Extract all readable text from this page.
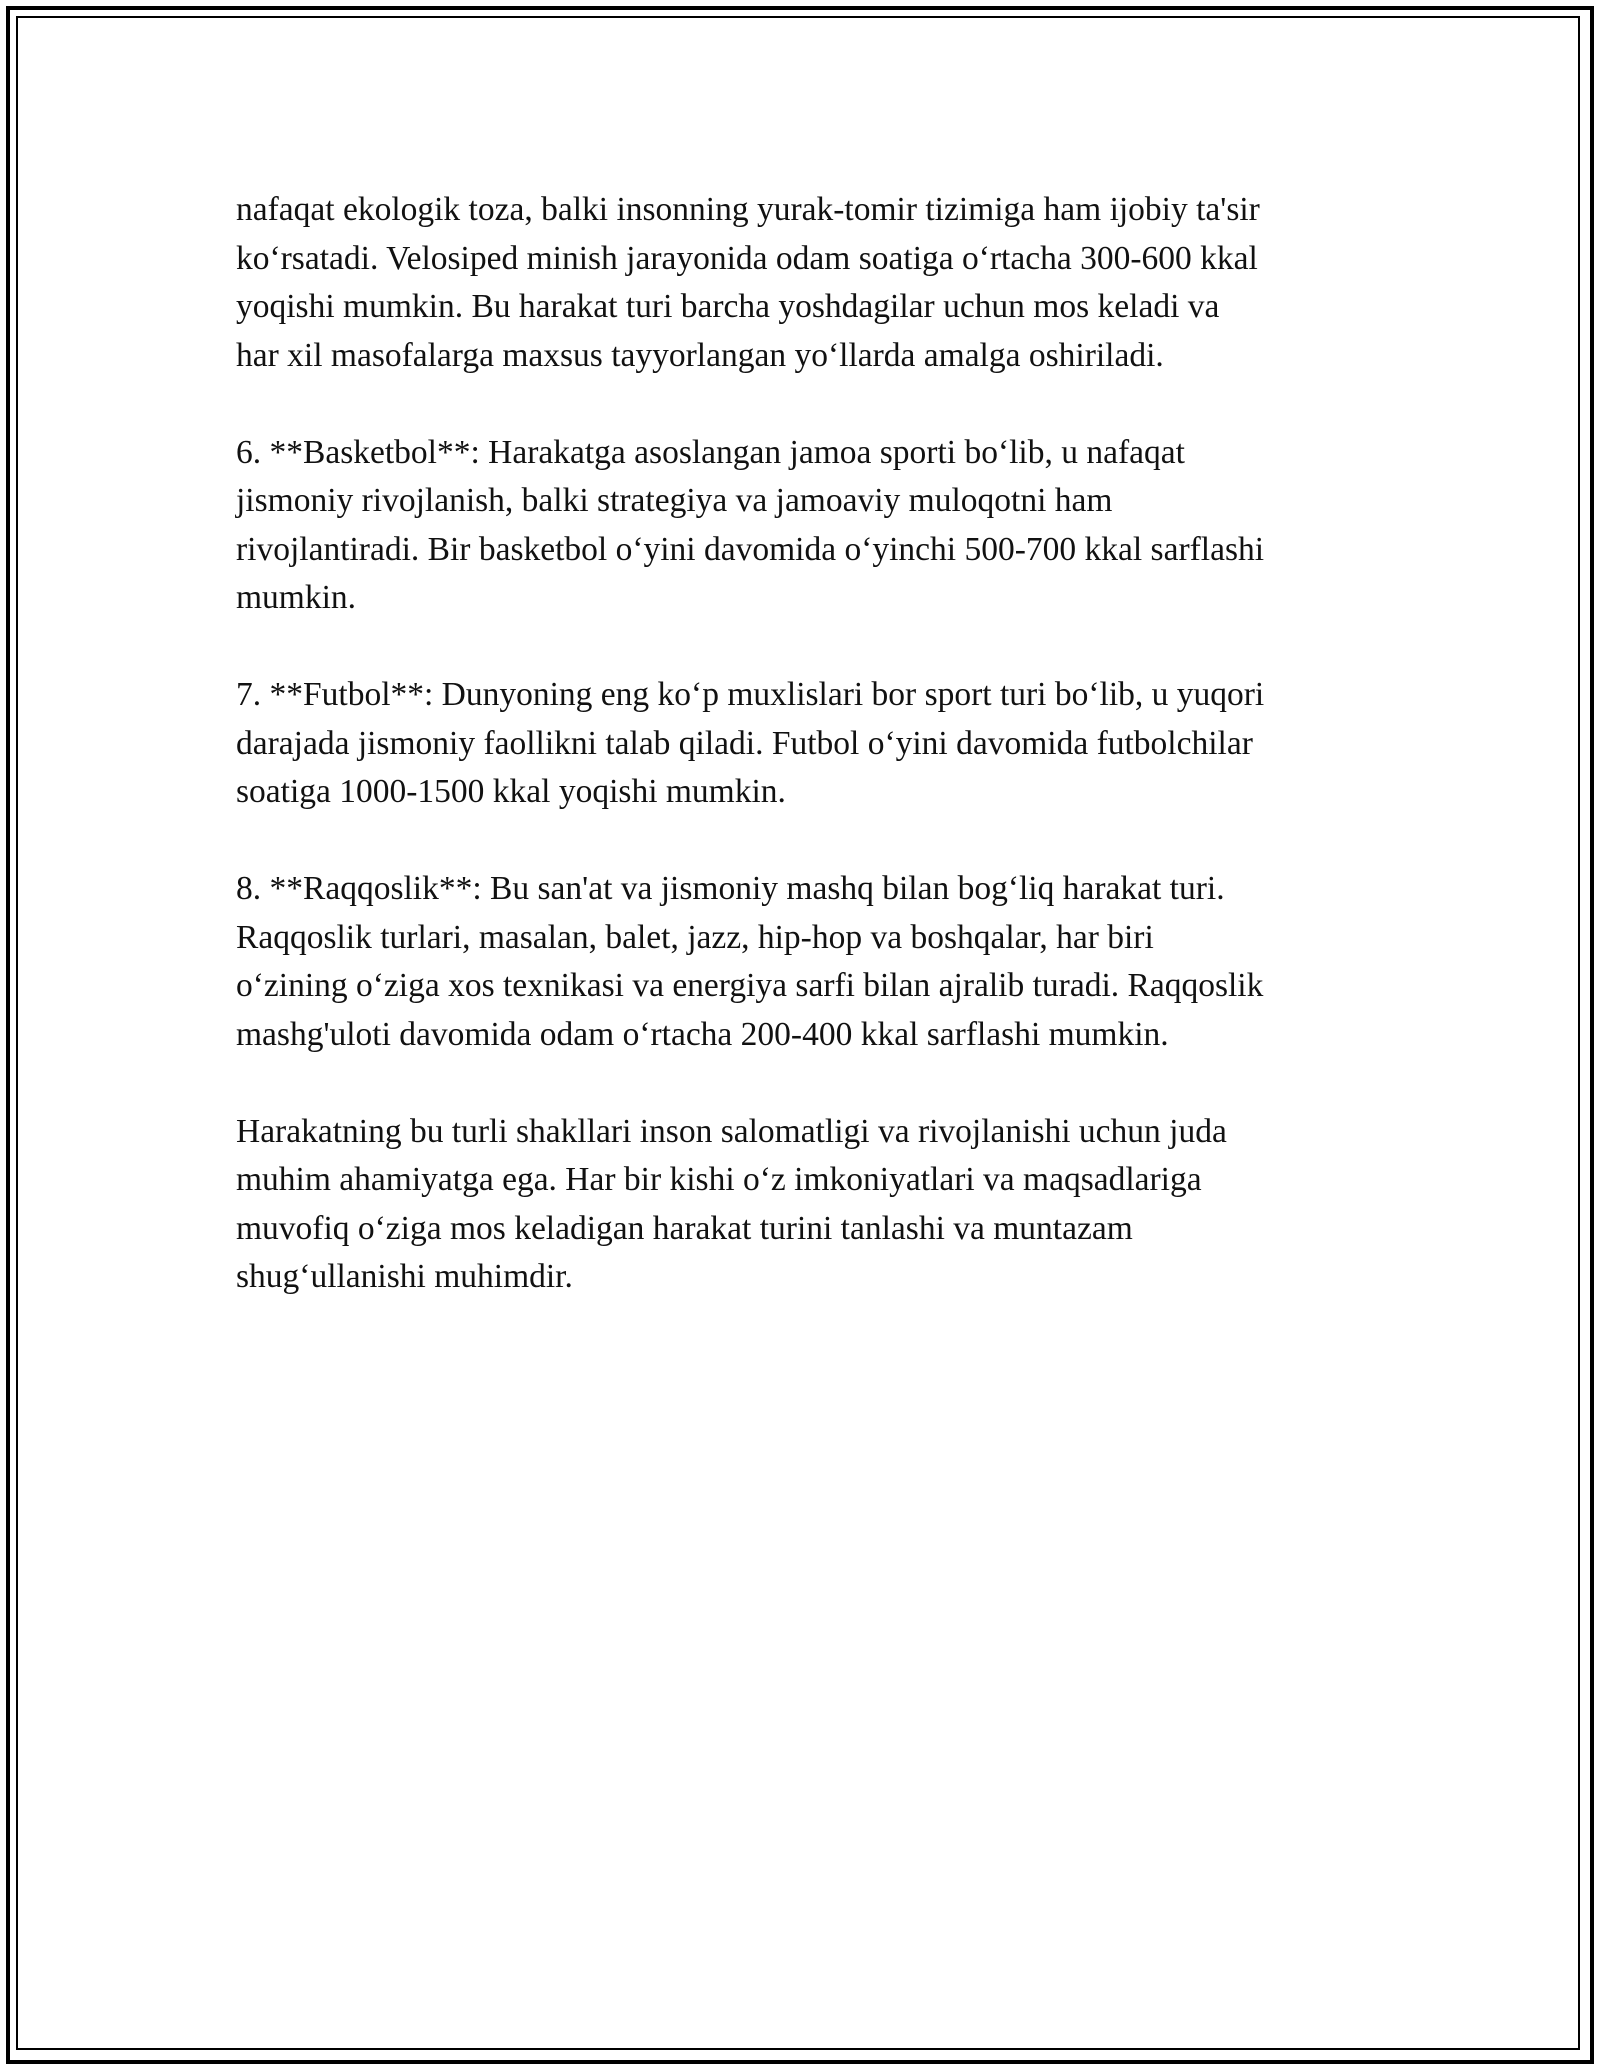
nafaqat ekologik toza, balki insonning yurak-tomir tizimiga ham ijobiy ta'sir
ko‘rsatadi. Velosiped minish jarayonida odam soatiga o‘rtacha 300-600 kkal
yoqishi mumkin. Bu harakat turi barcha yoshdagilar uchun mos keladi va
har xil masofalarga maxsus tayyorlangan yo‘llarda amalga oshiriladi.

6. **Basketbol**: Harakatga asoslangan jamoa sporti bo‘lib, u nafaqat
jismoniy rivojlanish, balki strategiya va jamoaviy muloqotni ham
rivojlantiradi. Bir basketbol o‘yini davomida o‘yinchi 500-700 kkal sarflashi
mumkin.

7. **Futbol**: Dunyoning eng ko‘p muxlislari bor sport turi bo‘lib, u yuqori
darajada jismoniy faollikni talab qiladi. Futbol o‘yini davomida futbolchilar
soatiga 1000-1500 kkal yoqishi mumkin.

8. **Raqqoslik**: Bu san'at va jismoniy mashq bilan bog‘liq harakat turi.
Raqqoslik turlari, masalan, balet, jazz, hip-hop va boshqalar, har biri
o‘zining o‘ziga xos texnikasi va energiya sarfi bilan ajralib turadi. Raqqoslik
mashg'uloti davomida odam o‘rtacha 200-400 kkal sarflashi mumkin.

Harakatning bu turli shakllari inson salomatligi va rivojlanishi uchun juda
muhim ahamiyatga ega. Har bir kishi o‘z imkoniyatlari va maqsadlariga
muvofiq o‘ziga mos keladigan harakat turini tanlashi va muntazam
shug‘ullanishi muhimdir.
